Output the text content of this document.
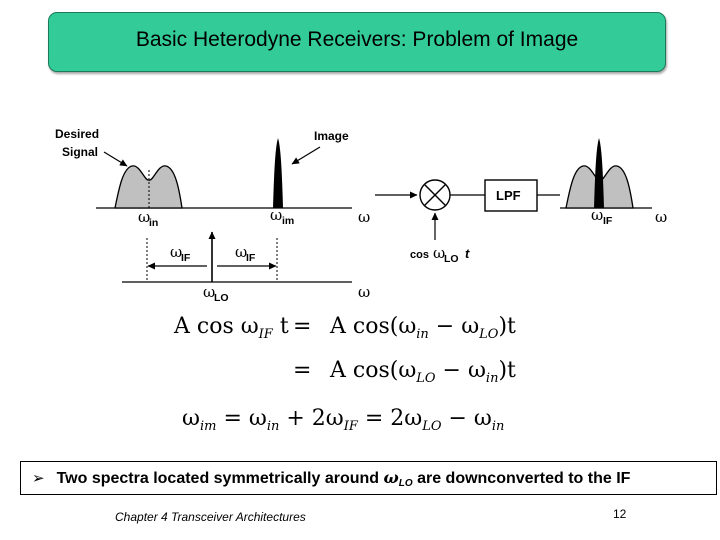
Basic Heterodyne Receivers: Problem of Image
Desired
Signal
Image
ω
in	ω im	ω
LPF
cos ω
LO t
ω IF	ω
ω
IF	ω
IF
ω
LO	ω
A $\cos \omega_{IF}$ t = A $\cos(\omega_{in} - \omega_{LO})t$
= A $\cos(\omega_{LO} - \omega_{in})t$
$\omega_{im} = \omega_{in} + 2\omega_{IF} = 2\omega_{LO} - \omega_{in}$
➢ Two spectra located symmetrically around ωLO are downconverted to the IF
Chapter 4 Transceiver Architectures	12
